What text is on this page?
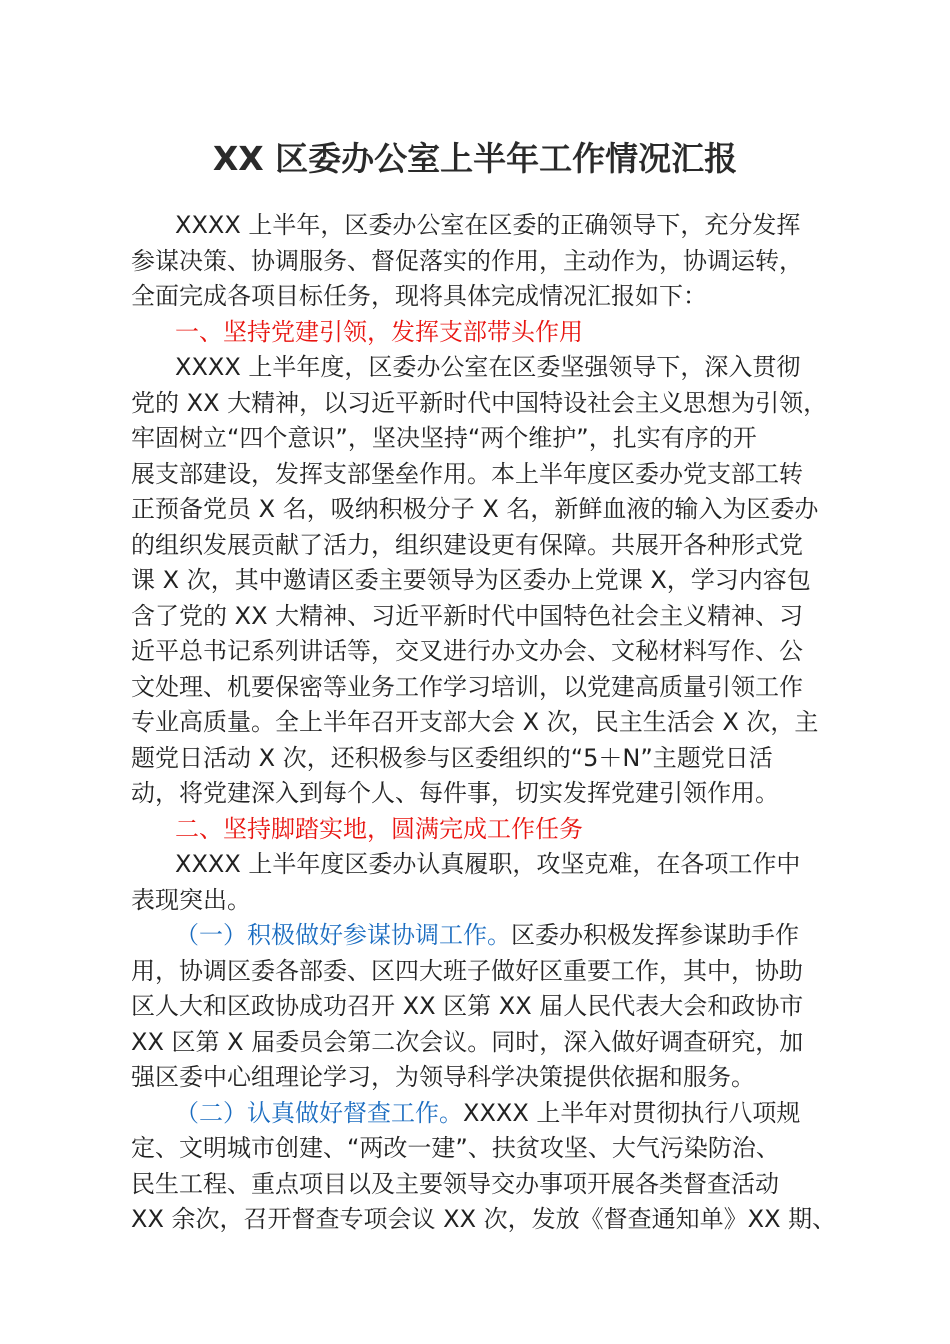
XX 区委办公室上半年工作情况汇报
XXXX 上半年，区委办公室在区委的正确领导下，充分发挥
参谋决策、协调服务、督促落实的作用，主动作为，协调运转，
全面完成各项目标任务，现将具体完成情况汇报如下：
一、坚持党建引领，发挥支部带头作用
XXXX 上半年度，区委办公室在区委坚强领导下，深入贯彻
党的 XX 大精神，以习近平新时代中国特设社会主义思想为引领，
牢固树立“四个意识”，坚决坚持“两个维护”，扎实有序的开
展支部建设，发挥支部堡垒作用。本上半年度区委办党支部工转
正预备党员 X 名，吸纳积极分子 X 名，新鲜血液的输入为区委办
的组织发展贡献了活力，组织建设更有保障。共展开各种形式党
课 X 次，其中邀请区委主要领导为区委办上党课 X，学习内容包
含了党的 XX 大精神、习近平新时代中国特色社会主义精神、习
近平总书记系列讲话等，交叉进行办文办会、文秘材料写作、公
文处理、机要保密等业务工作学习培训，以党建高质量引领工作
专业高质量。全上半年召开支部大会 X 次，民主生活会 X 次，主
题党日活动 X 次，还积极参与区委组织的“5＋N”主题党日活
动，将党建深入到每个人、每件事，切实发挥党建引领作用。
二、坚持脚踏实地，圆满完成工作任务
XXXX 上半年度区委办认真履职，攻坚克难，在各项工作中
表现突出。
（一）积极做好参谋协调工作。区委办积极发挥参谋助手作
用，协调区委各部委、区四大班子做好区重要工作，其中，协助
区人大和区政协成功召开 XX 区第 XX 届人民代表大会和政协市
XX 区第 X 届委员会第二次会议。同时，深入做好调查研究，加
强区委中心组理论学习，为领导科学决策提供依据和服务。
（二）认真做好督查工作。XXXX 上半年对贯彻执行八项规
定、文明城市创建、“两改一建”、扶贫攻坚、大气污染防治、
民生工程、重点项目以及主要领导交办事项开展各类督查活动
XX 余次，召开督查专项会议 XX 次，发放《督查通知单》XX 期、
